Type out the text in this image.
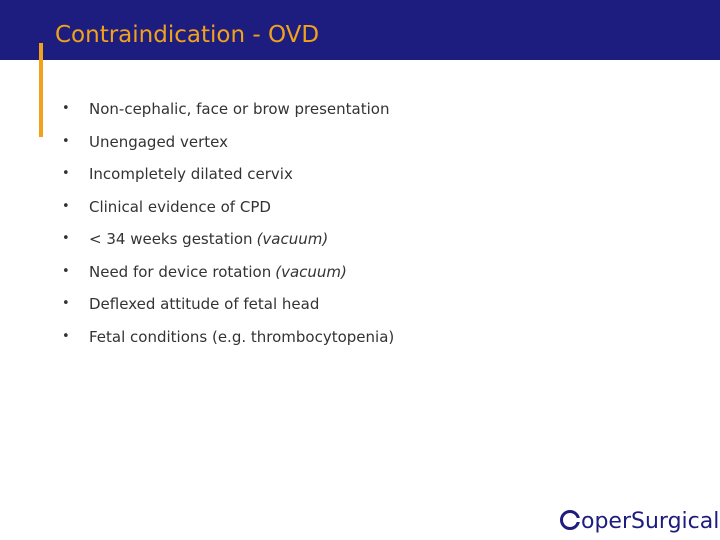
Contraindication - OVD
• Non-cephalic, face or brow presentation
• Unengaged vertex
• Incompletely dilated cervix
• Clinical evidence of CPD
• < 34 weeks gestation (vacuum)
• Need for device rotation (vacuum)
• Deflexed attitude of fetal head
• Fetal conditions (e.g. thrombocytopenia)
operSurgical
